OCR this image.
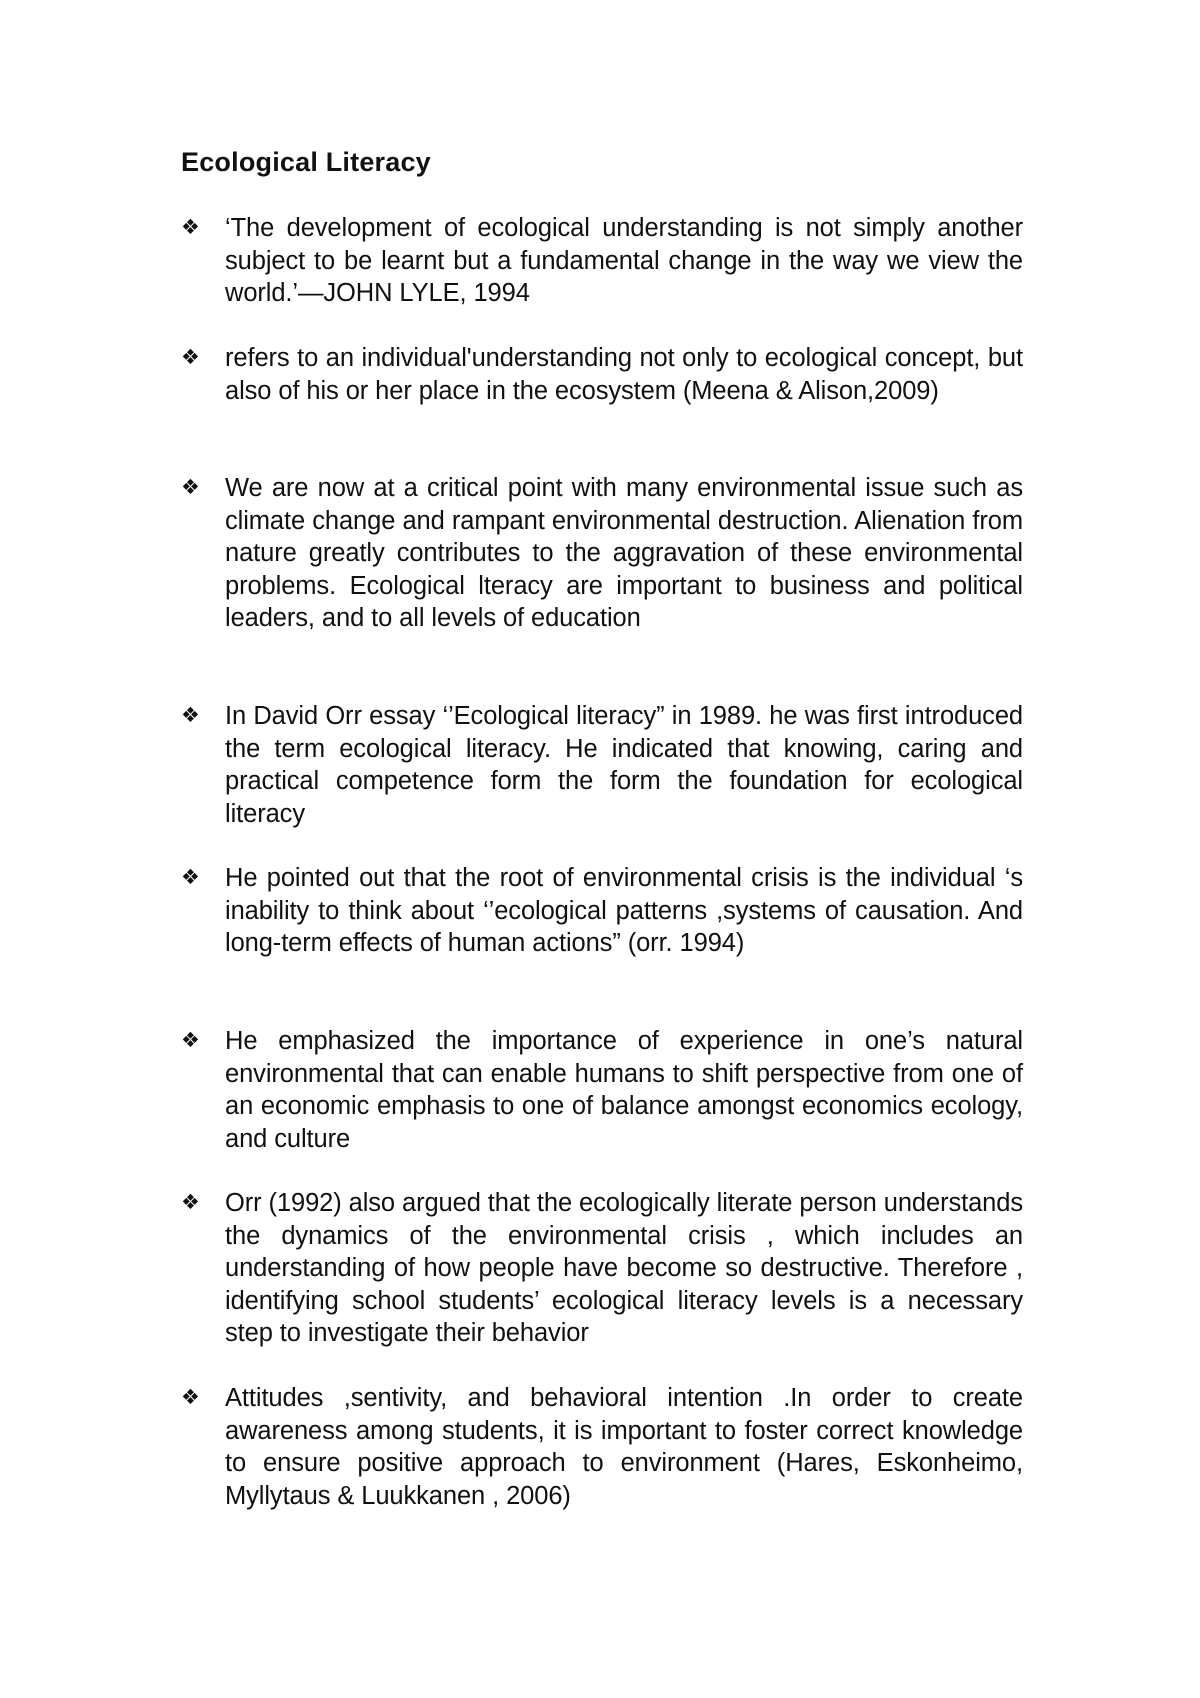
Ecological Literacy
❖ ‘The development of ecological understanding is not simply another subject to be learnt but a fundamental change in the way we view the world.’—JOHN LYLE, 1994

❖ refers to an individual'understanding not only to ecological concept, but also of his or her place in the ecosystem (Meena & Alison,2009)

❖ We are now at a critical point with many environmental issue such as climate change and rampant environmental destruction. Alienation from nature greatly contributes to the aggravation of these environmental problems. Ecological lteracy are important to business and political leaders, and to all levels of education

❖ In David Orr essay ‘’Ecological literacy” in 1989. he was first introduced the term ecological literacy. He indicated that knowing, caring and practical competence form the form the foundation for ecological literacy

❖ He pointed out that the root of environmental crisis is the individual ‘s inability to think about ‘’ecological patterns ,systems of causation. And long-term effects of human actions” (orr. 1994)

❖ He emphasized the importance of experience in one’s natural environmental that can enable humans to shift perspective from one of an economic emphasis to one of balance amongst economics ecology, and culture

❖ Orr (1992) also argued that the ecologically literate person understands the dynamics of the environmental crisis , which includes an understanding of how people have become so destructive. Therefore , identifying school students’ ecological literacy levels is a necessary step to investigate their behavior

❖ Attitudes ,sentivity, and behavioral intention .In order to create awareness among students, it is important to foster correct knowledge to ensure positive approach to environment (Hares, Eskonheimo, Myllytaus & Luukkanen , 2006)
